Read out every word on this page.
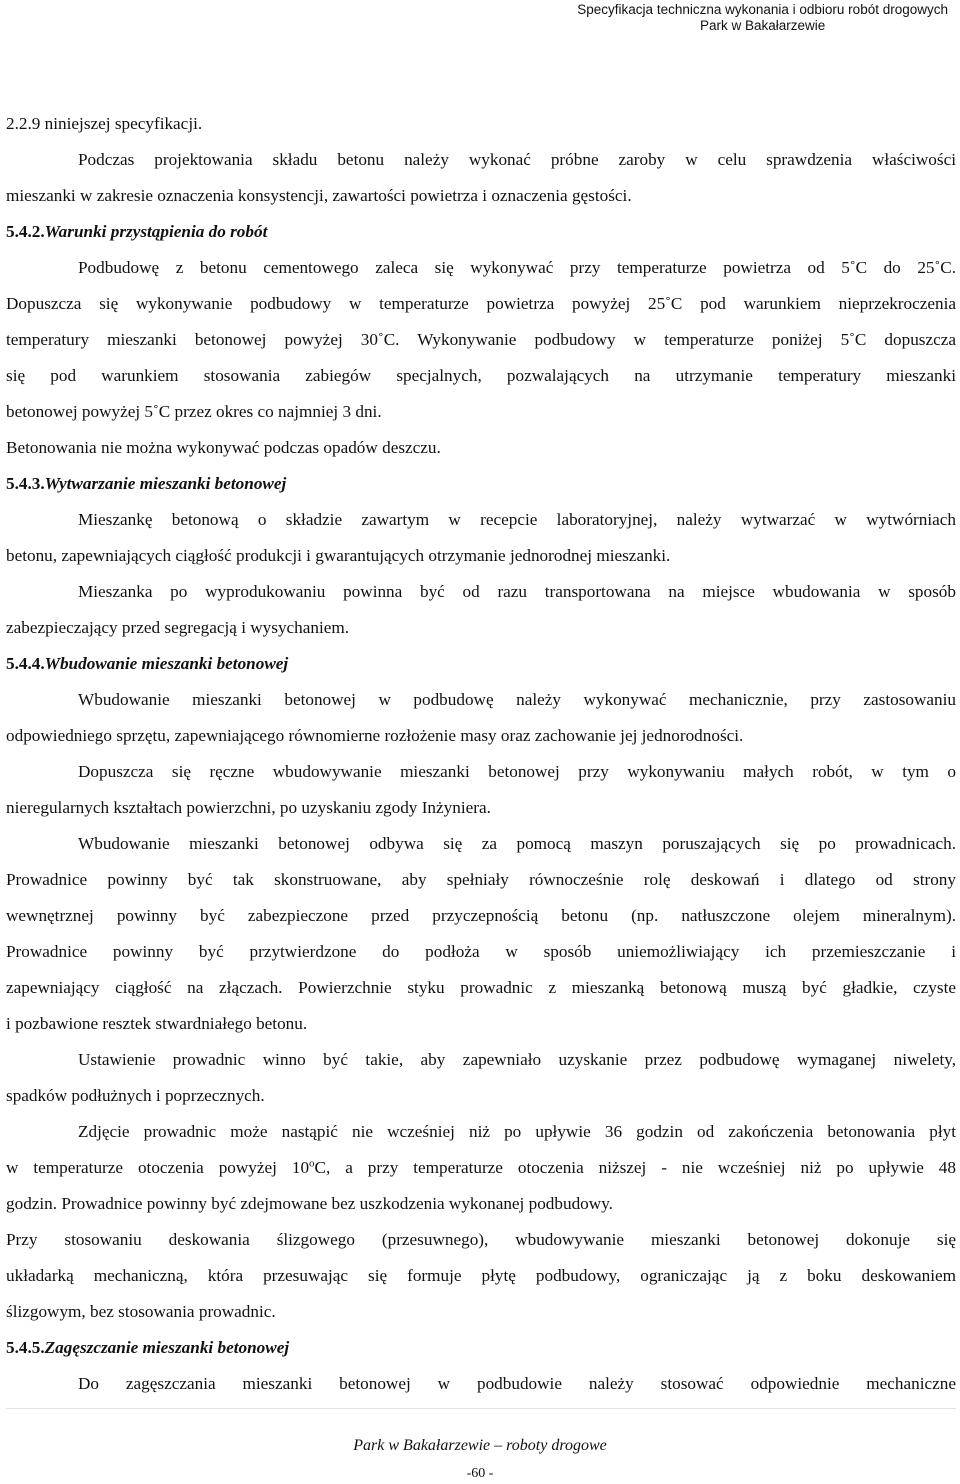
Specyfikacja techniczna wykonania i odbioru robót drogowych
Park w Bakałarzewie
2.2.9 niniejszej specyfikacji.
Podczas projektowania składu betonu należy wykonać próbne zaroby w celu sprawdzenia właściwości
mieszanki w zakresie oznaczenia konsystencji, zawartości powietrza i oznaczenia gęstości.
5.4.2.Warunki przystąpienia do robót
Podbudowę z betonu cementowego zaleca się wykonywać przy temperaturze powietrza od 5˚C do 25˚C.
Dopuszcza się wykonywanie podbudowy w temperaturze powietrza powyżej 25˚C pod warunkiem nieprzekroczenia
temperatury mieszanki betonowej powyżej 30˚C. Wykonywanie podbudowy w temperaturze poniżej 5˚C dopuszcza
się pod warunkiem stosowania zabiegów specjalnych, pozwalających na utrzymanie temperatury mieszanki
betonowej powyżej 5˚C przez okres co najmniej 3 dni.
Betonowania nie można wykonywać podczas opadów deszczu.
5.4.3.Wytwarzanie mieszanki betonowej
Mieszankę betonową o składzie zawartym w recepcie laboratoryjnej, należy wytwarzać w wytwórniach
betonu, zapewniających ciągłość produkcji i gwarantujących otrzymanie jednorodnej mieszanki.
Mieszanka po wyprodukowaniu powinna być od razu transportowana na miejsce wbudowania w sposób
zabezpieczający przed segregacją i wysychaniem.
5.4.4.Wbudowanie mieszanki betonowej
Wbudowanie mieszanki betonowej w podbudowę należy wykonywać mechanicznie, przy zastosowaniu
odpowiedniego sprzętu, zapewniającego równomierne rozłożenie masy oraz zachowanie jej jednorodności.
Dopuszcza się ręczne wbudowywanie mieszanki betonowej przy wykonywaniu małych robót, w tym o
nieregularnych kształtach powierzchni, po uzyskaniu zgody Inżyniera.
Wbudowanie mieszanki betonowej odbywa się za pomocą maszyn poruszających się po prowadnicach.
Prowadnice powinny być tak skonstruowane, aby spełniały równocześnie rolę deskowań i dlatego od strony
wewnętrznej powinny być zabezpieczone przed przyczepnością betonu (np. natłuszczone olejem mineralnym).
Prowadnice powinny być przytwierdzone do podłoża w sposób uniemożliwiający ich przemieszczanie i
zapewniający ciągłość na złączach. Powierzchnie styku prowadnic z mieszanką betonową muszą być gładkie, czyste
i pozbawione resztek stwardniałego betonu.
Ustawienie prowadnic winno być takie, aby zapewniało uzyskanie przez podbudowę wymaganej niwelety,
spadków podłużnych i poprzecznych.
Zdjęcie prowadnic może nastąpić nie wcześniej niż po upływie 36 godzin od zakończenia betonowania płyt
w temperaturze otoczenia powyżej 10$^o$C, a przy temperaturze otoczenia niższej - nie wcześniej niż po upływie 48
godzin. Prowadnice powinny być zdejmowane bez uszkodzenia wykonanej podbudowy.
Przy stosowaniu deskowania ślizgowego (przesuwnego), wbudowywanie mieszanki betonowej dokonuje się
układarką mechaniczną, która przesuwając się formuje płytę podbudowy, ograniczając ją z boku deskowaniem
ślizgowym, bez stosowania prowadnic.
5.4.5.Zagęszczanie mieszanki betonowej
Do zagęszczania mieszanki betonowej w podbudowie należy stosować odpowiednie mechaniczne
Park w Bakałarzewie – roboty drogowe
-60 -
